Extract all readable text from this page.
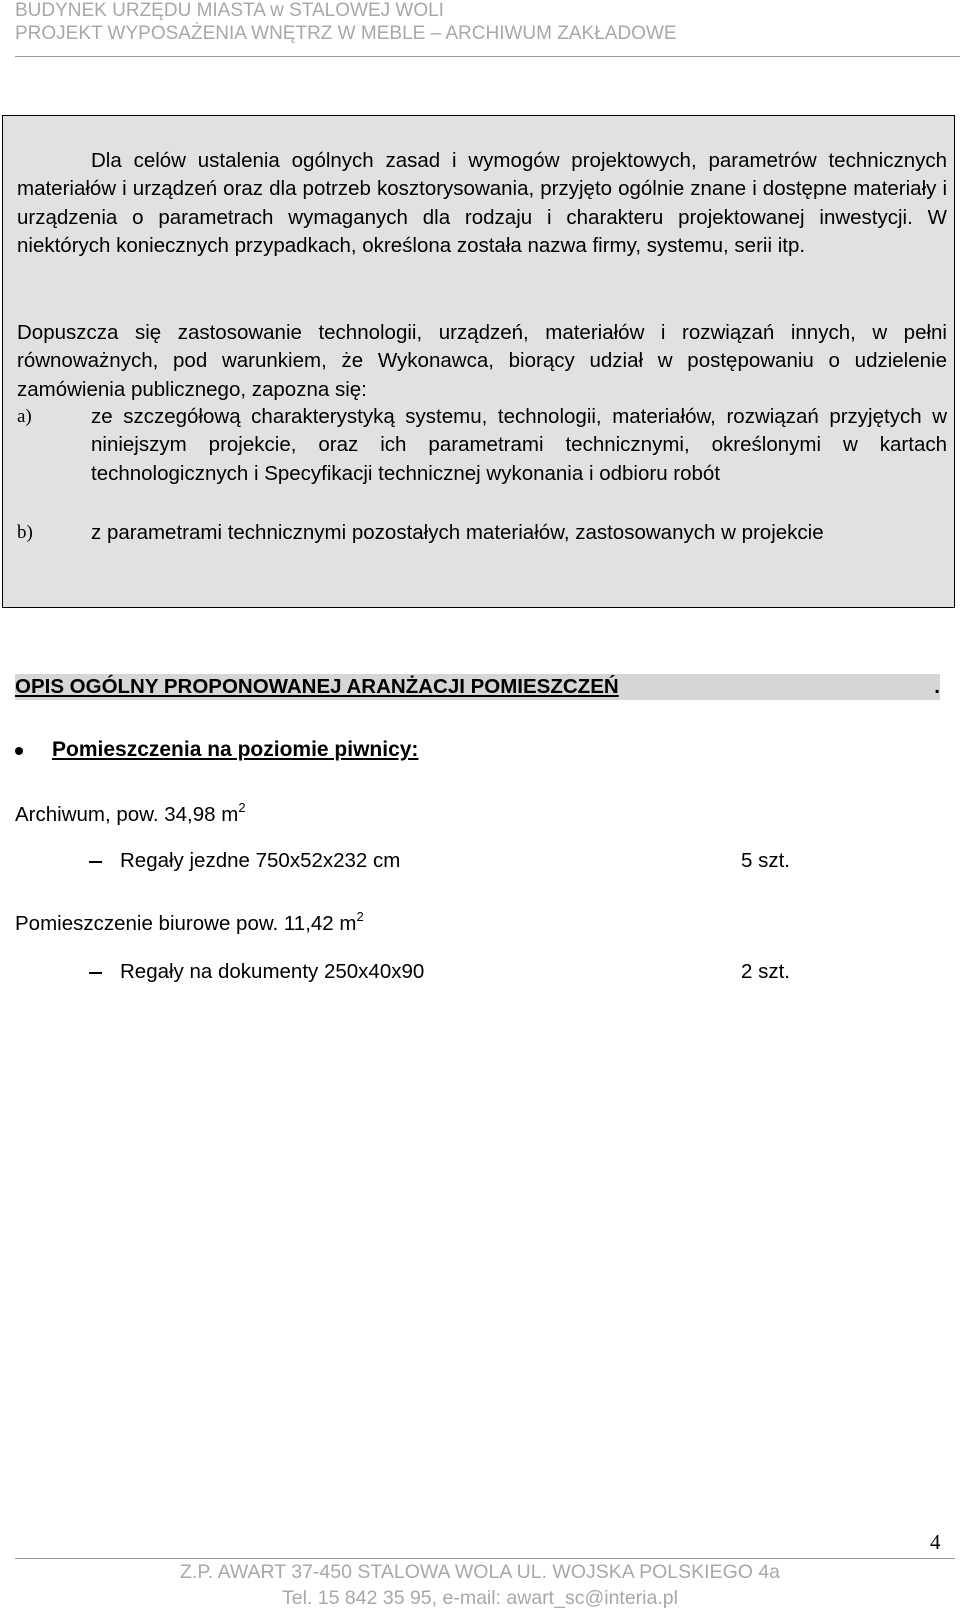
BUDYNEK URZĘDU MIASTA w STALOWEJ WOLI
PROJEKT WYPOSAŻENIA WNĘTRZ W MEBLE – ARCHIWUM ZAKŁADOWE

Dla celów ustalenia ogólnych zasad i wymogów projektowych, parametrów technicznych materiałów i urządzeń oraz dla potrzeb kosztorysowania, przyjęto ogólnie znane i dostępne materiały i urządzenia o parametrach wymaganych dla rodzaju i charakteru projektowanej inwestycji. W niektórych koniecznych przypadkach, określona została nazwa firmy, systemu, serii itp.

Dopuszcza się zastosowanie technologii, urządzeń, materiałów i rozwiązań innych, w pełni równoważnych, pod warunkiem, że Wykonawca, biorący udział w postępowaniu o udzielenie zamówienia publicznego, zapozna się:

a)	ze szczegółową charakterystyką systemu, technologii, materiałów, rozwiązań przyjętych w niniejszym projekcie, oraz ich parametrami technicznymi, określonymi w kartach technologicznych i Specyfikacji technicznej wykonania i odbioru robót
b)	z parametrami technicznymi pozostałych materiałów, zastosowanych w projekcie
OPIS OGÓLNY PROPONOWANEJ ARANŻACJI POMIESZCZEŃ	.
Pomieszczenia na poziomie piwnicy:
Archiwum, pow. 34,98 $m^2$
Regały jezdne 750x52x232 cm	5 szt.
Pomieszczenie biurowe pow. 11,42 $m^2$
Regały na dokumenty 250x40x90	2 szt.
4
Z.P. AWART 37-450 STALOWA WOLA UL. WOJSKA POLSKIEGO 4a
Tel. 15 842 35 95, e-mail: awart_sc@interia.pl
